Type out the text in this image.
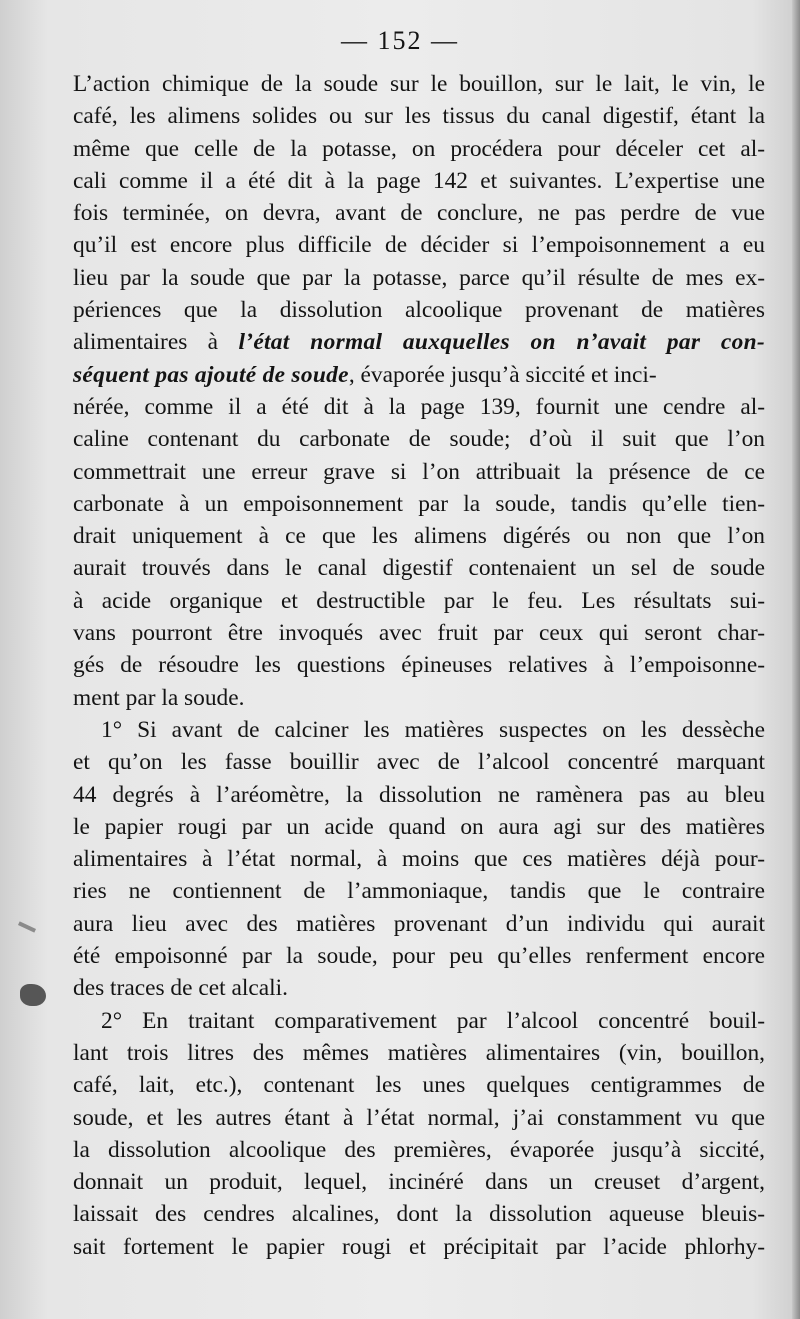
— 152 —
L’action chimique de la soude sur le bouillon, sur le lait, le vin, le
café, les alimens solides ou sur les tissus du canal digestif, étant la
même que celle de la potasse, on procédera pour déceler cet al-
cali comme il a été dit à la page 142 et suivantes. L’expertise une
fois terminée, on devra, avant de conclure, ne pas perdre de vue
qu’il est encore plus difficile de décider si l’empoisonnement a eu
lieu par la soude que par la potasse, parce qu’il résulte de mes ex-
périences que la dissolution alcoolique provenant de matières
alimentaires à l’état normal auxquelles on n’avait par con-
séquent pas ajouté de soude, évaporée jusqu’à siccité et inci-
nérée, comme il a été dit à la page 139, fournit une cendre al-
caline contenant du carbonate de soude; d’où il suit que l’on
commettrait une erreur grave si l’on attribuait la présence de ce
carbonate à un empoisonnement par la soude, tandis qu’elle tien-
drait uniquement à ce que les alimens digérés ou non que l’on
aurait trouvés dans le canal digestif contenaient un sel de soude
à acide organique et destructible par le feu. Les résultats sui-
vans pourront être invoqués avec fruit par ceux qui seront char-
gés de résoudre les questions épineuses relatives à l’empoisonne-
ment par la soude.
1° Si avant de calciner les matières suspectes on les dessèche
et qu’on les fasse bouillir avec de l’alcool concentré marquant
44 degrés à l’aréomètre, la dissolution ne ramènera pas au bleu
le papier rougi par un acide quand on aura agi sur des matières
alimentaires à l’état normal, à moins que ces matières déjà pour-
ries ne contiennent de l’ammoniaque, tandis que le contraire
aura lieu avec des matières provenant d’un individu qui aurait
été empoisonné par la soude, pour peu qu’elles renferment encore
des traces de cet alcali.
2° En traitant comparativement par l’alcool concentré bouil-
lant trois litres des mêmes matières alimentaires (vin, bouillon,
café, lait, etc.), contenant les unes quelques centigrammes de
soude, et les autres étant à l’état normal, j’ai constamment vu que
la dissolution alcoolique des premières, évaporée jusqu’à siccité,
donnait un produit, lequel, incinéré dans un creuset d’argent,
laissait des cendres alcalines, dont la dissolution aqueuse bleuis-
sait fortement le papier rougi et précipitait par l’acide phlorhy-
